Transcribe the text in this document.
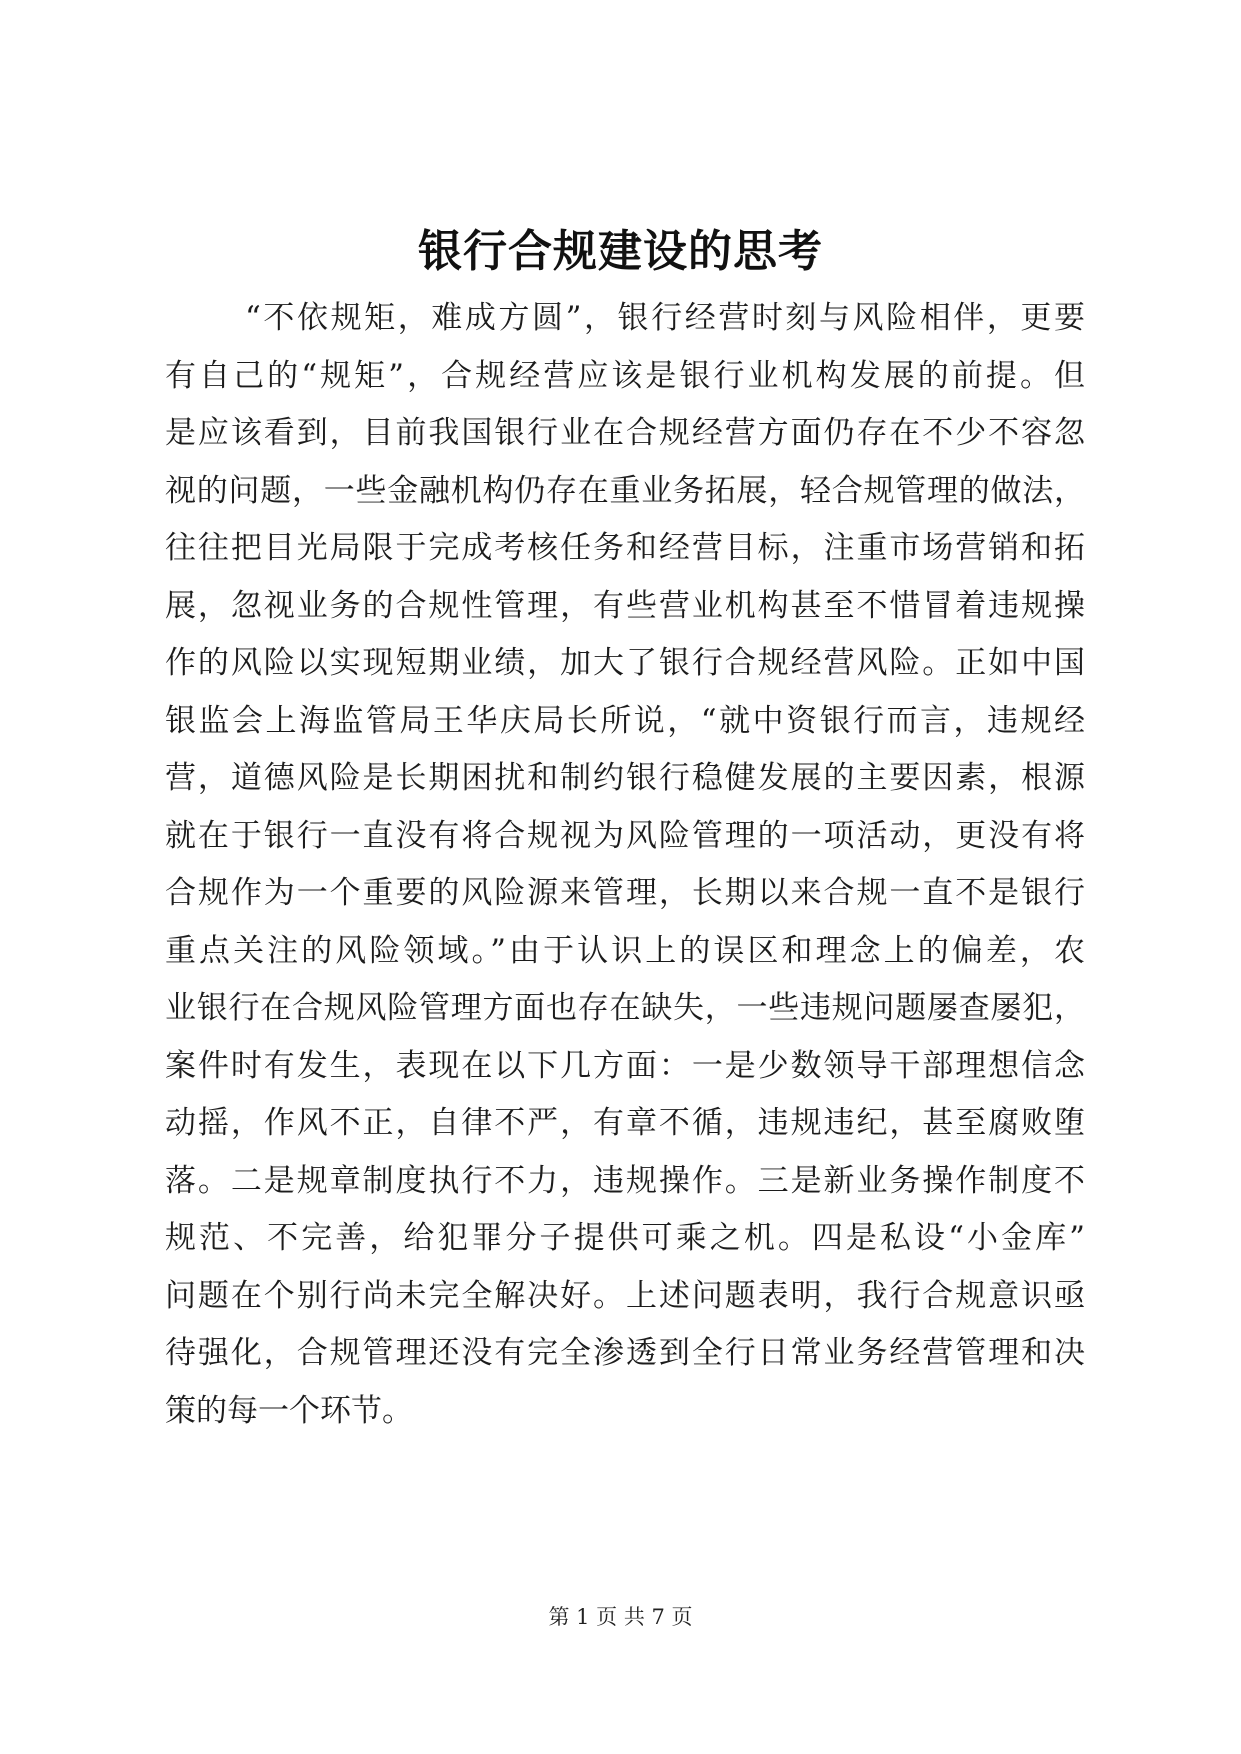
银行合规建设的思考
“不依规矩，难成方圆”，银行经营时刻与风险相伴，更要
有自己的“规矩”，合规经营应该是银行业机构发展的前提。但
是应该看到，目前我国银行业在合规经营方面仍存在不少不容忽
视的问题，一些金融机构仍存在重业务拓展，轻合规管理的做法，
往往把目光局限于完成考核任务和经营目标，注重市场营销和拓
展，忽视业务的合规性管理，有些营业机构甚至不惜冒着违规操
作的风险以实现短期业绩，加大了银行合规经营风险。正如中国
银监会上海监管局王华庆局长所说，“就中资银行而言，违规经
营，道德风险是长期困扰和制约银行稳健发展的主要因素，根源
就在于银行一直没有将合规视为风险管理的一项活动，更没有将
合规作为一个重要的风险源来管理，长期以来合规一直不是银行
重点关注的风险领域。”由于认识上的误区和理念上的偏差，农
业银行在合规风险管理方面也存在缺失，一些违规问题屡查屡犯，
案件时有发生，表现在以下几方面：一是少数领导干部理想信念
动摇，作风不正，自律不严，有章不循，违规违纪，甚至腐败堕
落。二是规章制度执行不力，违规操作。三是新业务操作制度不
规范、不完善，给犯罪分子提供可乘之机。四是私设“小金库”
问题在个别行尚未完全解决好。上述问题表明，我行合规意识亟
待强化，合规管理还没有完全渗透到全行日常业务经营管理和决
策的每一个环节。
第 1 页 共 7 页
